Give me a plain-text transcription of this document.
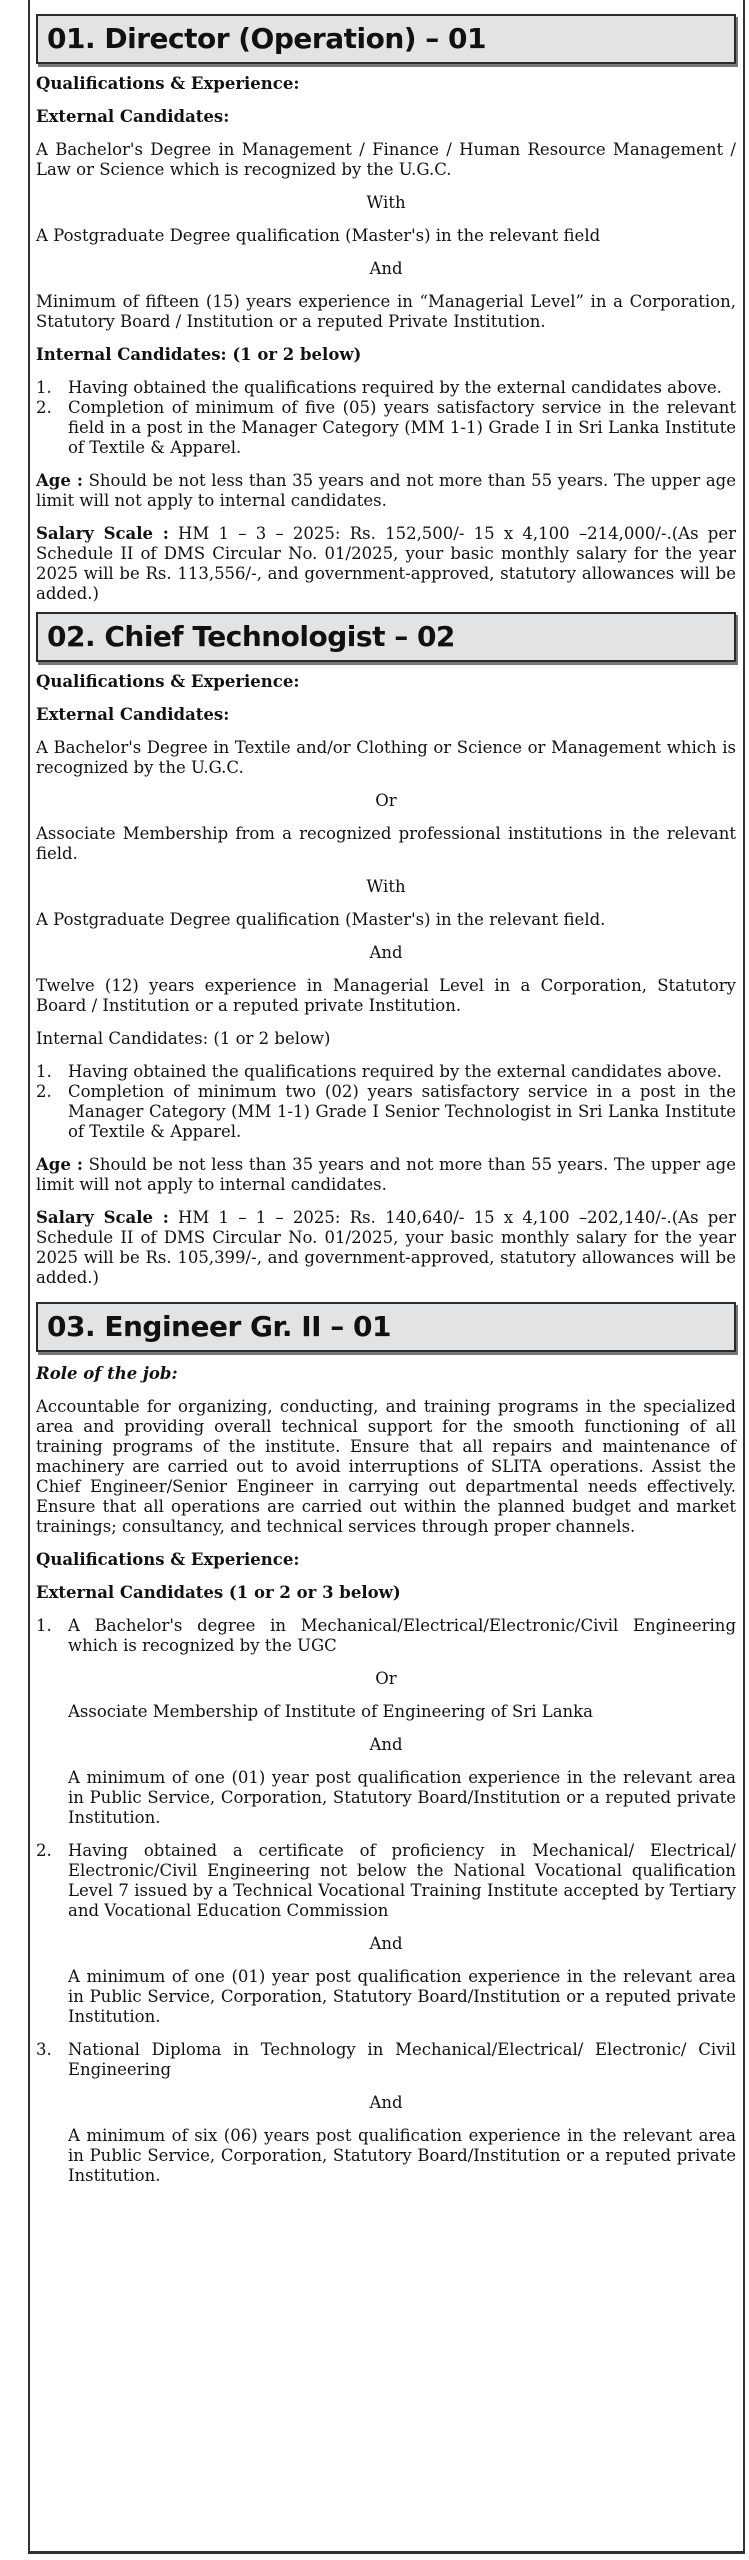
01. Director (Operation) – 01

Qualifications & Experience:

External Candidates:

A Bachelor's Degree in Management / Finance / Human Resource Management / Law or Science which is recognized by the U.G.C.

With

A Postgraduate Degree qualification (Master's) in the relevant field

And

Minimum of fifteen (15) years experience in “Managerial Level” in a Corporation, Statutory Board / Institution or a reputed Private Institution.

Internal Candidates: (1 or 2 below)

1. Having obtained the qualifications required by the external candidates above.
2. Completion of minimum of five (05) years satisfactory service in the relevant field in a post in the Manager Category (MM 1-1) Grade I in Sri Lanka Institute of Textile & Apparel.

Age : Should be not less than 35 years and not more than 55 years. The upper age limit will not apply to internal candidates.

Salary Scale : HM 1 – 3 – 2025: Rs. 152,500/- 15 x 4,100 –214,000/-.(As per Schedule II of DMS Circular No. 01/2025, your basic monthly salary for the year 2025 will be Rs. 113,556/-, and government-approved, statutory allowances will be added.)

02. Chief Technologist – 02

Qualifications & Experience:

External Candidates:

A Bachelor's Degree in Textile and/or Clothing or Science or Management which is recognized by the U.G.C.

Or

Associate Membership from a recognized professional institutions in the relevant field.

With

A Postgraduate Degree qualification (Master's) in the relevant field.

And

Twelve (12) years experience in Managerial Level in a Corporation, Statutory Board / Institution or a reputed private Institution.

Internal Candidates: (1 or 2 below)

1. Having obtained the qualifications required by the external candidates above.
2. Completion of minimum two (02) years satisfactory service in a post in the Manager Category (MM 1-1) Grade I Senior Technologist in Sri Lanka Institute of Textile & Apparel.

Age : Should be not less than 35 years and not more than 55 years. The upper age limit will not apply to internal candidates.

Salary Scale : HM 1 – 1 – 2025: Rs. 140,640/- 15 x 4,100 –202,140/-.(As per Schedule II of DMS Circular No. 01/2025, your basic monthly salary for the year 2025 will be Rs. 105,399/-, and government-approved, statutory allowances will be added.)

03. Engineer Gr. II – 01

Role of the job:

Accountable for organizing, conducting, and training programs in the specialized area and providing overall technical support for the smooth functioning of all training programs of the institute. Ensure that all repairs and maintenance of machinery are carried out to avoid interruptions of SLITA operations. Assist the Chief Engineer/Senior Engineer in carrying out departmental needs effectively. Ensure that all operations are carried out within the planned budget and market trainings; consultancy, and technical services through proper channels.

Qualifications & Experience:

External Candidates (1 or 2 or 3 below)

1. A Bachelor's degree in Mechanical/Electrical/Electronic/Civil Engineering which is recognized by the UGC

Or

Associate Membership of Institute of Engineering of Sri Lanka

And

A minimum of one (01) year post qualification experience in the relevant area in Public Service, Corporation, Statutory Board/Institution or a reputed private Institution.

2. Having obtained a certificate of proficiency in Mechanical/ Electrical/ Electronic/Civil Engineering not below the National Vocational qualification Level 7 issued by a Technical Vocational Training Institute accepted by Tertiary and Vocational Education Commission

And

A minimum of one (01) year post qualification experience in the relevant area in Public Service, Corporation, Statutory Board/Institution or a reputed private Institution.

3. National Diploma in Technology in Mechanical/Electrical/ Electronic/ Civil Engineering

And

A minimum of six (06) years post qualification experience in the relevant area in Public Service, Corporation, Statutory Board/Institution or a reputed private Institution.
